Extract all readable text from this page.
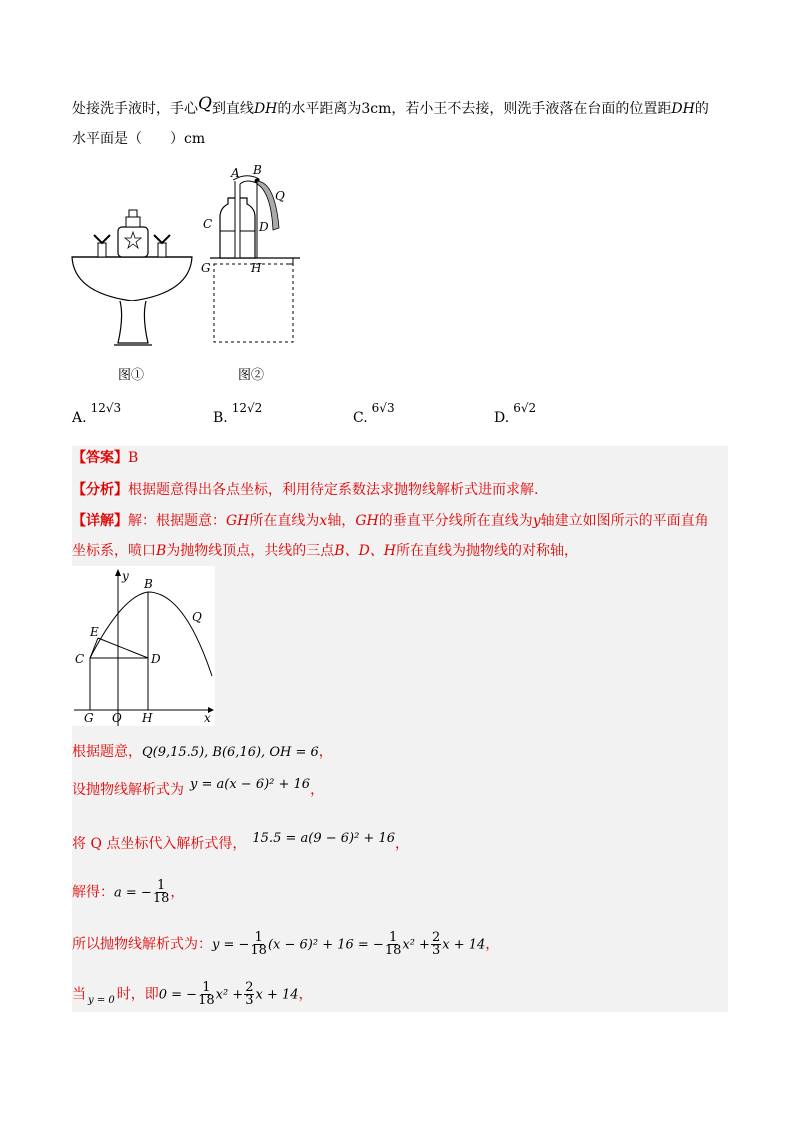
处接洗手液时，手心Q到直线DH的水平距离为3cm，若小王不去接，则洗手液落在台面的位置距DH的
水平面是（　　）cm
图①
A B
Q
C	D
G	H
图②
A.12√3
B.12√2
C.6√3
D.6√2
【答案】B
【分析】根据题意得出各点坐标，利用待定系数法求抛物线解析式进而求解.
【详解】解：根据题意：GH所在直线为x轴，GH的垂直平分线所在直线为y轴建立如图所示的平面直角
坐标系，喷口B为抛物线顶点，共线的三点B、D、H所在直线为抛物线的对称轴，
y
B
Q
E
C	D
G O H	x
根据题意，Q(9,15.5), B(6,16), OH = 6，
设抛物线解析式为 y = a(x − 6)² + 16，
将 Q 点坐标代入解析式得， 15.5 = a(9 − 6)² + 16，
解得：a = − $\frac{1}{18}$ ，
所以抛物线解析式为：y = − $\frac{1}{18} (x - 6)^2 + 16$ = − $\frac{1}{18} x^2 + \frac{2}{3}$ x + 14，
当 $_{y = 0}$ 时，即0 = − $\frac{1}{18} x^2 + \frac{2}{3}$ x + 14，
